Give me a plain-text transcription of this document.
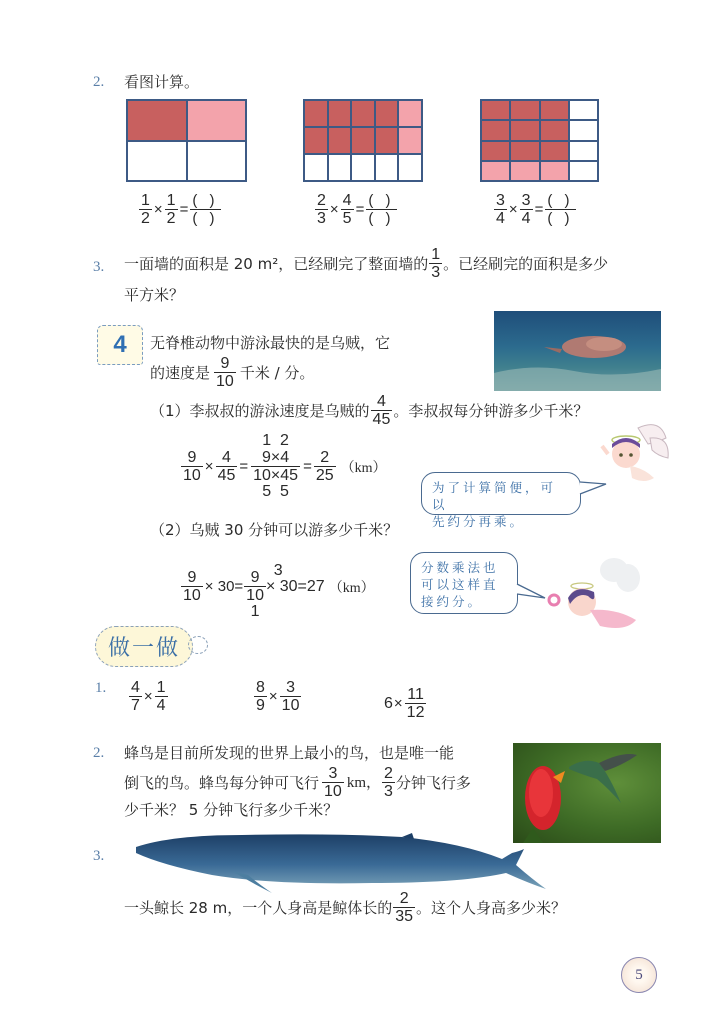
2. 看图计算。
$\frac{1}{2} \times \frac{1}{2} = \frac{( )}{( )}$	$\frac{2}{3} \times \frac{4}{5} = \frac{( )}{( )}$	$\frac{3}{4} \times \frac{3}{4} = \frac{( )}{( )}$
3. 一面墙的面积是 20 m²，已经刷完了整面墙的 $\frac{1}{3}$ 。已经刷完的面积是多少
平方米？
4	无脊椎动物中游泳最快的是乌贼，它
的速度是 $\frac{9}{10}$ 千米 / 分。
（1）李叔叔的游泳速度是乌贼的 $\frac{4}{45}$ 。李叔叔每分钟游多少千米？
$\frac{9}{10} \times \frac{4}{45}$ =
1  2
$\frac{9\times 4}{10\times 45}$
5  5
= $\frac{2}{25} (km)$
为了计算简便，可以
先约分再乘。
（2）乌贼 30 分钟可以游多少千米？
$\frac{9}{10} \times 30= \frac{9}{10}$
1
3
× 30=27 （km）
分数乘法也
可以这样直
接约分。
做一做
1. $\frac{4}{7} \times \frac{1}{4}$	$\frac{8}{9} \times \frac{3}{10}$	$6 \times \frac{11}{12}$
2. 蜂鸟是目前所发现的世界上最小的鸟，也是唯一能
倒飞的鸟。蜂鸟每分钟可飞行 $\frac{3}{10}$ km， $\frac{2}{3}$ 分钟飞行多
少千米？ 5 分钟飞行多少千米？
3.
一头鲸长 28 m，一个人身高是鲸体长的 $\frac{2}{35}$ 。这个人身高多少米？
5
